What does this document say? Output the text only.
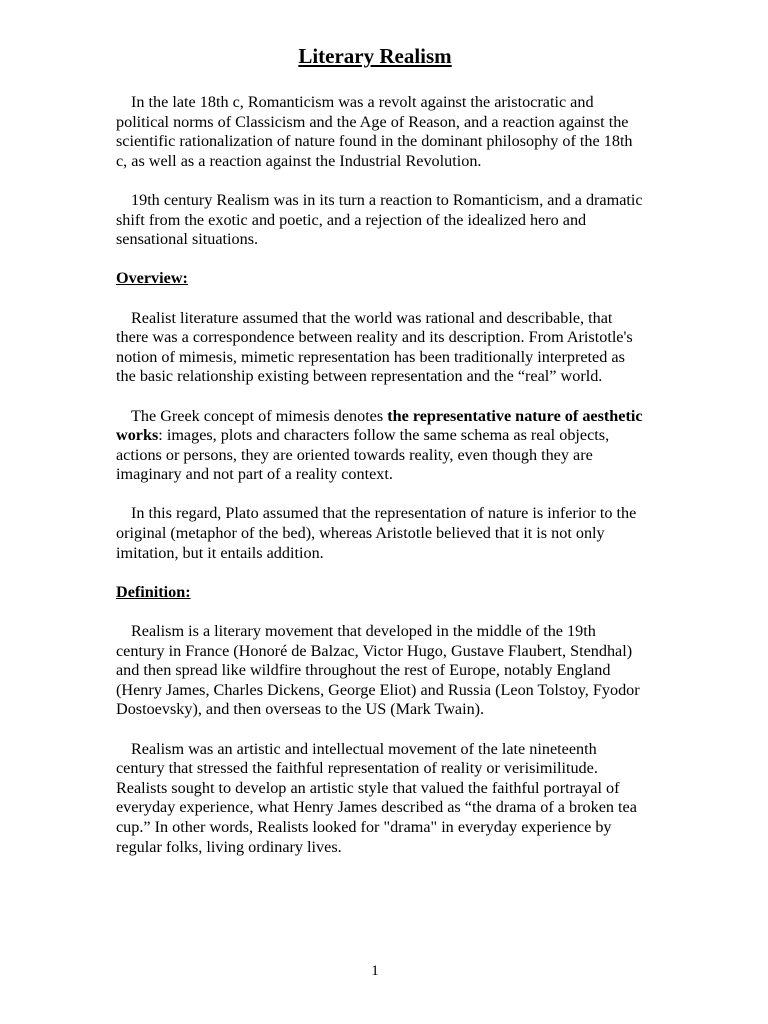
Literary Realism

In the late 18th c, Romanticism was a revolt against the aristocratic and political norms of Classicism and the Age of Reason, and a reaction against the scientific rationalization of nature found in the dominant philosophy of the 18th c, as well as a reaction against the Industrial Revolution.

19th century Realism was in its turn a reaction to Romanticism, and a dramatic shift from the exotic and poetic, and a rejection of the idealized hero and sensational situations.

Overview:

Realist literature assumed that the world was rational and describable, that there was a correspondence between reality and its description. From Aristotle's notion of mimesis, mimetic representation has been traditionally interpreted as the basic relationship existing between representation and the “real” world.

The Greek concept of mimesis denotes the representative nature of aesthetic works: images, plots and characters follow the same schema as real objects, actions or persons, they are oriented towards reality, even though they are imaginary and not part of a reality context.

In this regard, Plato assumed that the representation of nature is inferior to the original (metaphor of the bed), whereas Aristotle believed that it is not only imitation, but it entails addition.

Definition:

Realism is a literary movement that developed in the middle of the 19th century in France (Honoré de Balzac, Victor Hugo, Gustave Flaubert, Stendhal) and then spread like wildfire throughout the rest of Europe, notably England (Henry James, Charles Dickens, George Eliot) and Russia (Leon Tolstoy, Fyodor Dostoevsky), and then overseas to the US (Mark Twain).

Realism was an artistic and intellectual movement of the late nineteenth century that stressed the faithful representation of reality or verisimilitude. Realists sought to develop an artistic style that valued the faithful portrayal of everyday experience, what Henry James described as “the drama of a broken tea cup.” In other words, Realists looked for "drama" in everyday experience by regular folks, living ordinary lives.

1
